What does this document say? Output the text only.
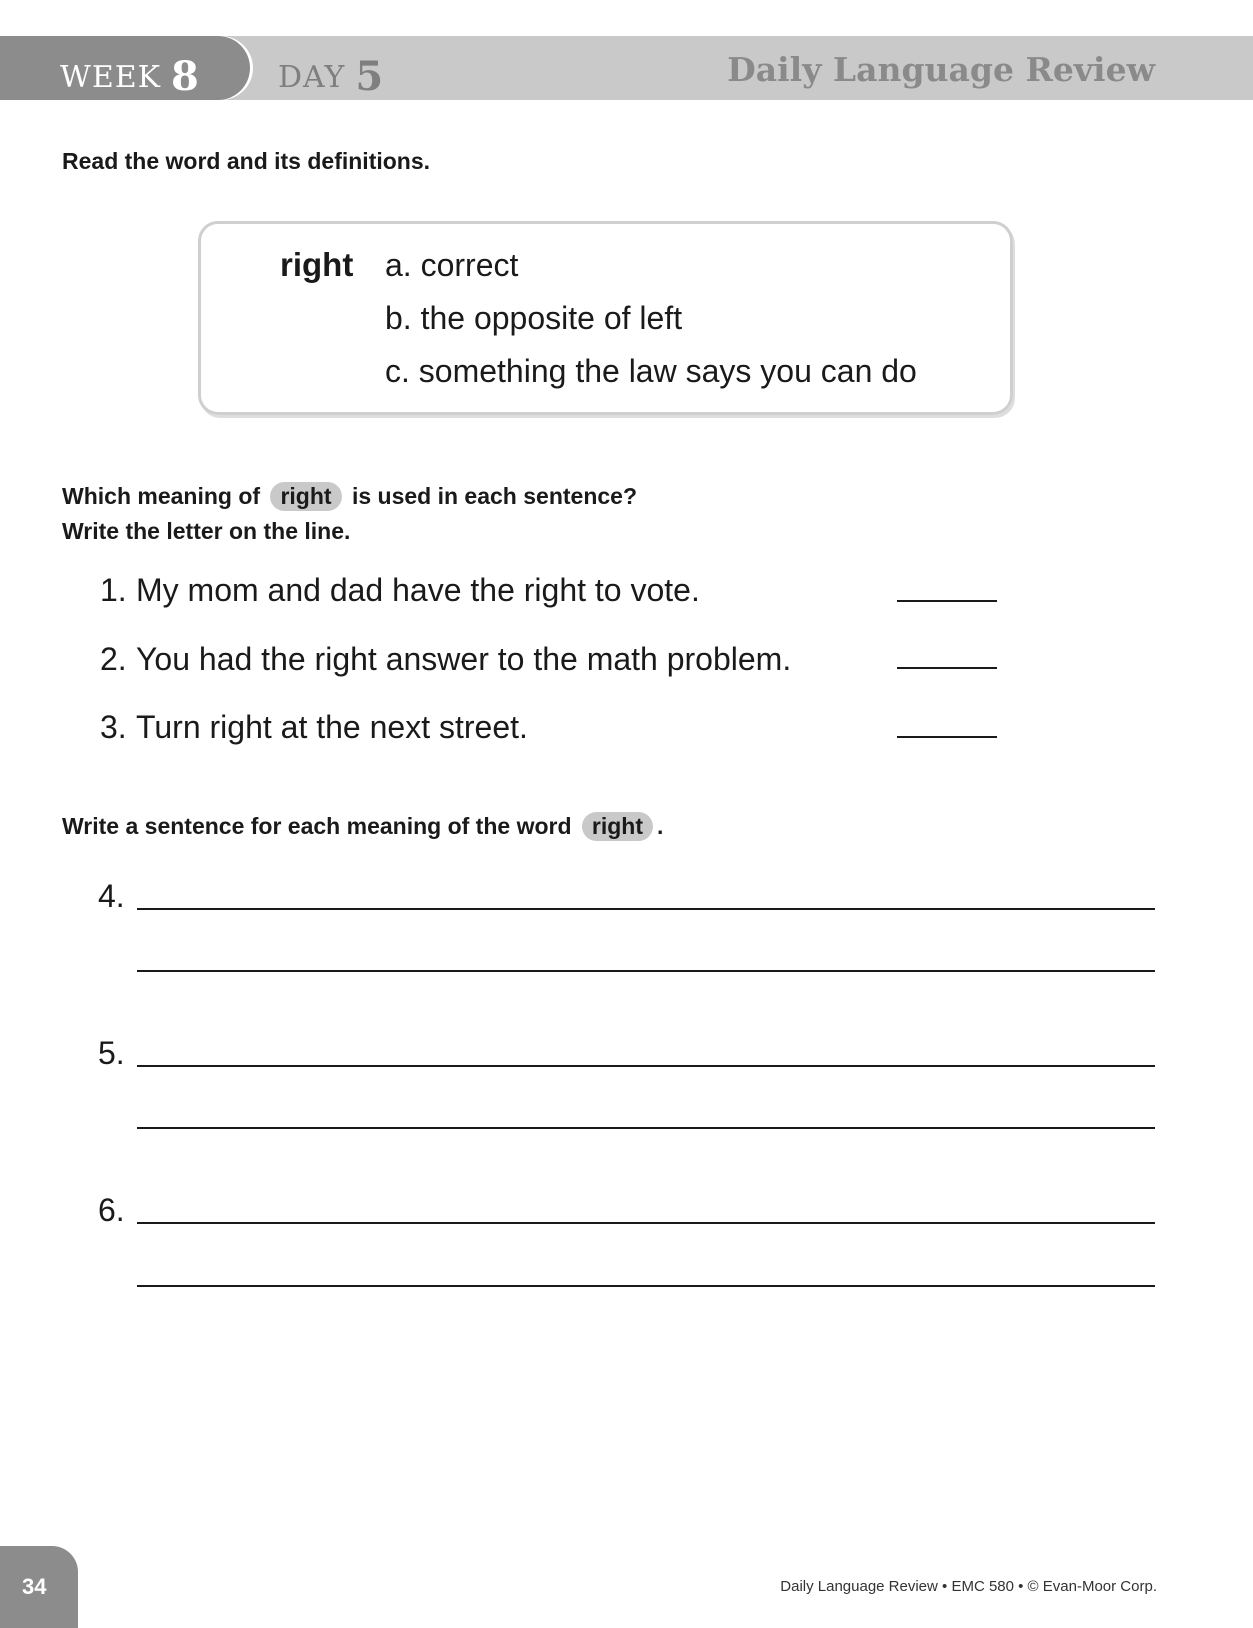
WEEK 8	DAY 5	Daily Language Review
Read the word and its definitions.
right a. correct
b. the opposite of left
c. something the law says you can do
Which meaning of right is used in each sentence?
Write the letter on the line.
1. My mom and dad have the right to vote.
2. You had the right answer to the math problem.
3. Turn right at the next street.
Write a sentence for each meaning of the word right .
4.
5.
6.
34	Daily Language Review • EMC 580 • © Evan-Moor Corp.
